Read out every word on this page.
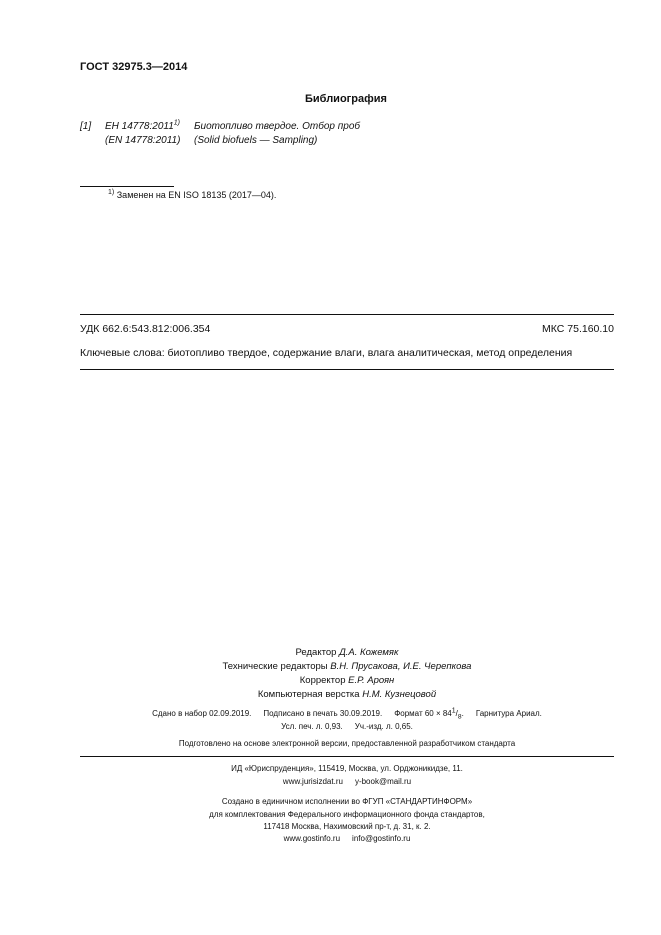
ГОСТ 32975.3—2014
Библиография
[1] ЕН 14778:2011$^{1)}$
(EN 14778:2011)
Биотопливо твердое. Отбор проб
(Solid biofuels — Sampling)
$^{1)}$ Заменен на EN ISO 18135 (2017—04).
УДК 662.6:543.812:006.354	МКС 75.160.10
Ключевые слова: биотопливо твердое, содержание влаги, влага аналитическая, метод определения
Редактор Д.А. Кожемяк
Технические редакторы В.Н. Прусакова, И.Е. Черепкова
Корректор Е.Р. Ароян
Компьютерная верстка Н.М. Кузнецовой
Сдано в набор 02.09.2019. Подписано в печать 30.09.2019. Формат $60 \times 84^1/_8$. Гарнитура Ариал.
Усл. печ. л. 0,93. Уч.-изд. л. 0,65.
Подготовлено на основе электронной версии, предоставленной разработчиком стандарта
ИД «Юриспруденция», 115419, Москва, ул. Орджоникидзе, 11.
www.jurisizdat.ru y-book@mail.ru
Создано в единичном исполнении во ФГУП «СТАНДАРТИНФОРМ»
для комплектования Федерального информационного фонда стандартов,
117418 Москва, Нахимовский пр-т, д. 31, к. 2.
www.gostinfo.ru info@gostinfo.ru
